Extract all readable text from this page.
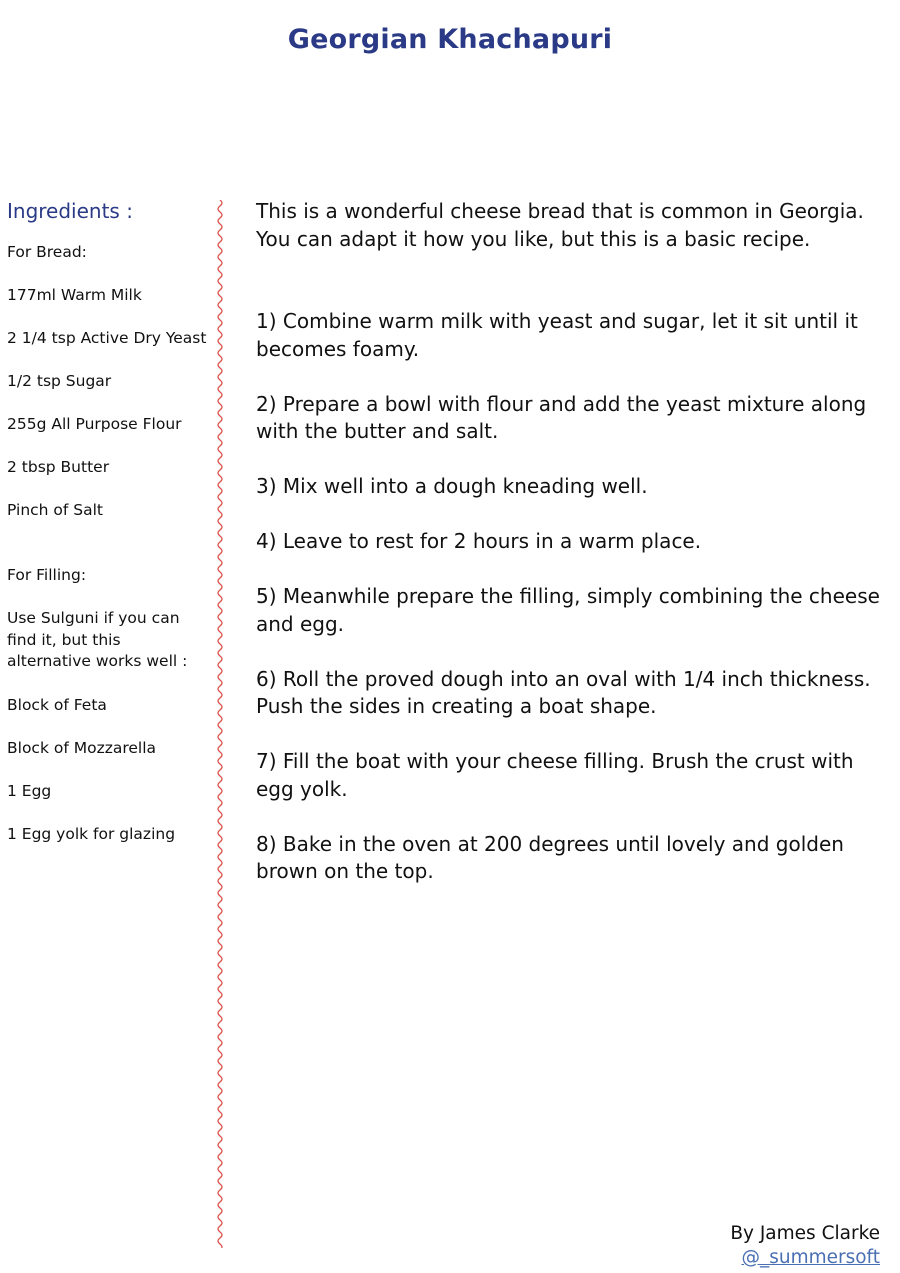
Georgian Khachapuri
Ingredients :
For Bread:
177ml Warm Milk
2 1/4 tsp Active Dry Yeast
1/2 tsp Sugar
255g All Purpose Flour
2 tbsp Butter
Pinch of Salt
For Filling:
Use Sulguni if you can find it, but this alternative works well :
Block of Feta
Block of Mozzarella
1 Egg
1 Egg yolk for glazing

This is a wonderful cheese bread that is common in Georgia. You can adapt it how you like, but this is a basic recipe.

1) Combine warm milk with yeast and sugar, let it sit until it becomes foamy.

2) Prepare a bowl with flour and add the yeast mixture along with the butter and salt.

3) Mix well into a dough kneading well.

4) Leave to rest for 2 hours in a warm place.

5) Meanwhile prepare the filling, simply combining the cheese and egg.

6) Roll the proved dough into an oval with 1/4 inch thickness. Push the sides in creating a boat shape.

7) Fill the boat with your cheese filling. Brush the crust with egg yolk.

8) Bake in the oven at 200 degrees until lovely and golden brown on the top.

By James Clarke
@_summersoft
